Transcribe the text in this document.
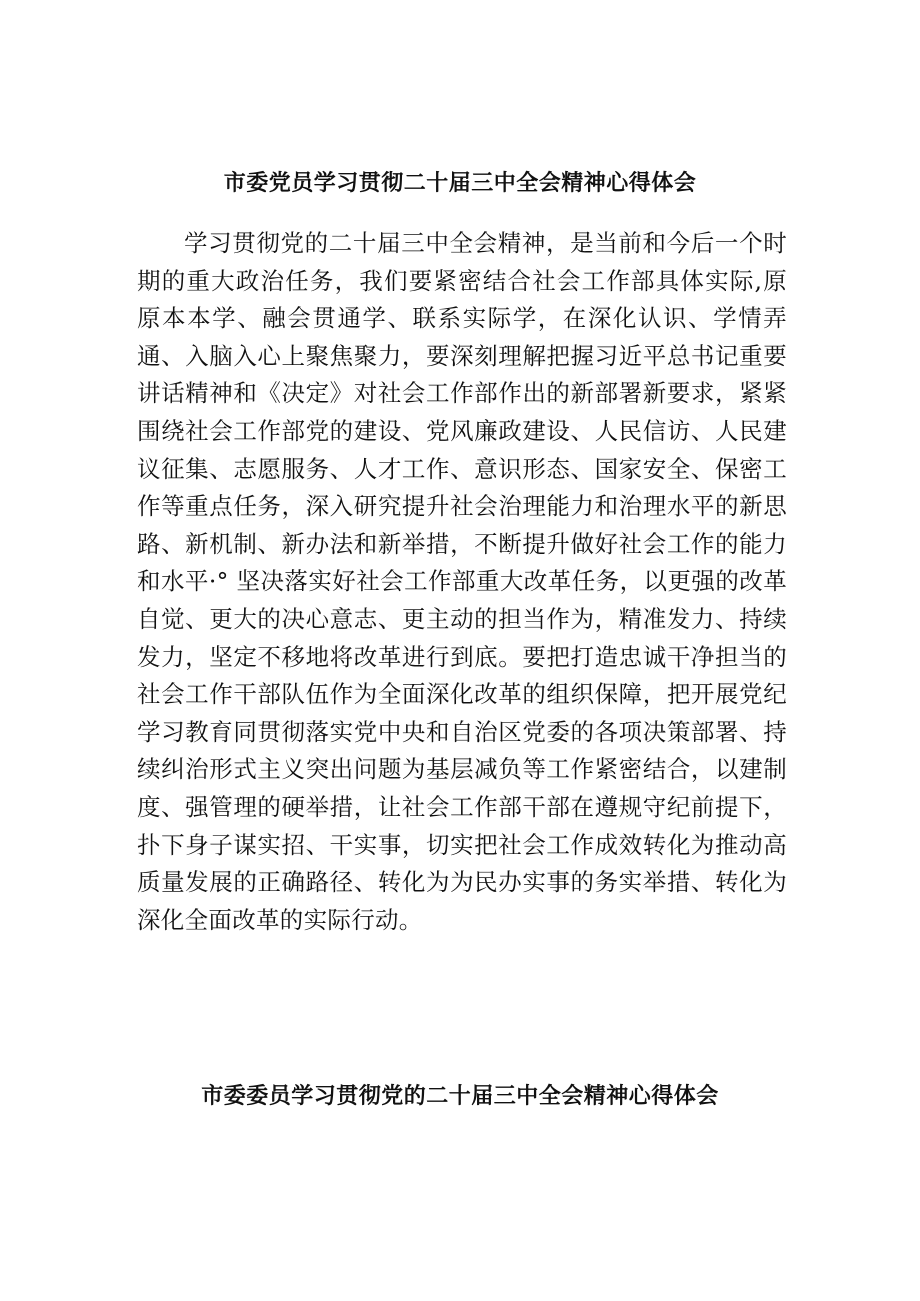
市委党员学习贯彻二十届三中全会精神心得体会

学习贯彻党的二十届三中全会精神，是当前和今后一个时期的重大政治任务，我们要紧密结合社会工作部具体实际,原原本本学、融会贯通学、联系实际学，在深化认识、学情弄通、入脑入心上聚焦聚力，要深刻理解把握习近平总书记重要讲话精神和《决定》对社会工作部作出的新部署新要求，紧紧围绕社会工作部党的建设、党风廉政建设、人民信访、人民建议征集、志愿服务、人才工作、意识形态、国家安全、保密工作等重点任务，深入研究提升社会治理能力和治理水平的新思路、新机制、新办法和新举措，不断提升做好社会工作的能力和水平·° 坚决落实好社会工作部重大改革任务，以更强的改革自觉、更大的决心意志、更主动的担当作为，精准发力、持续发力，坚定不移地将改革进行到底。要把打造忠诚干净担当的社会工作干部队伍作为全面深化改革的组织保障，把开展党纪学习教育同贯彻落实党中央和自治区党委的各项决策部署、持续纠治形式主义突出问题为基层减负等工作紧密结合，以建制度、强管理的硬举措，让社会工作部干部在遵规守纪前提下，扑下身子谋实招、干实事，切实把社会工作成效转化为推动高质量发展的正确路径、转化为为民办实事的务实举措、转化为深化全面改革的实际行动。

市委委员学习贯彻党的二十届三中全会精神心得体会
